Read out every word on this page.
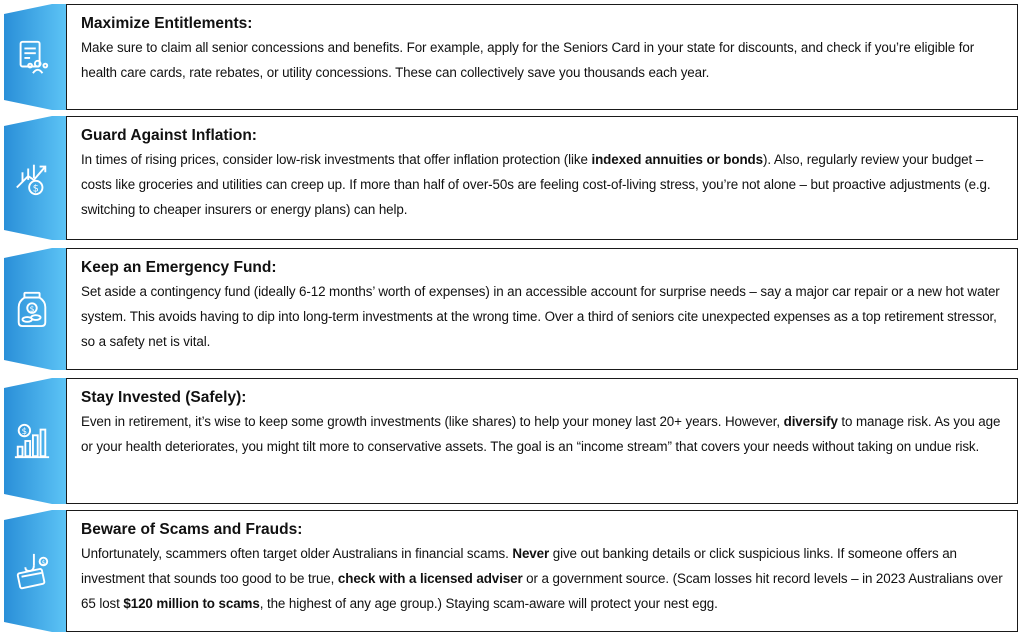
Maximize Entitlements:
Make sure to claim all senior concessions and benefits. For example, apply for the Seniors Card in your state for discounts, and check if you’re eligible for health care cards, rate rebates, or utility concessions. These can collectively save you thousands each year.
$
Guard Against Inflation:
In times of rising prices, consider low-risk investments that offer inflation protection (like indexed annuities or bonds). Also, regularly review your budget – costs like groceries and utilities can creep up. If more than half of over-50s are feeling cost-of-living stress, you’re not alone – but proactive adjustments (e.g. switching to cheaper insurers or energy plans) can help.
$
Keep an Emergency Fund:
Set aside a contingency fund (ideally 6-12 months’ worth of expenses) in an accessible account for surprise needs – say a major car repair or a new hot water system. This avoids having to dip into long-term investments at the wrong time. Over a third of seniors cite unexpected expenses as a top retirement stressor, so a safety net is vital.
$
Stay Invested (Safely):
Even in retirement, it’s wise to keep some growth investments (like shares) to help your money last 20+ years. However, diversify to manage risk. As you age or your health deteriorates, you might tilt more to conservative assets. The goal is an “income stream” that covers your needs without taking on undue risk.
$
Beware of Scams and Frauds:
Unfortunately, scammers often target older Australians in financial scams. Never give out banking details or click suspicious links. If someone offers an investment that sounds too good to be true, check with a licensed adviser or a government source. (Scam losses hit record levels – in 2023 Australians over 65 lost $120 million to scams, the highest of any age group.) Staying scam-aware will protect your nest egg.
